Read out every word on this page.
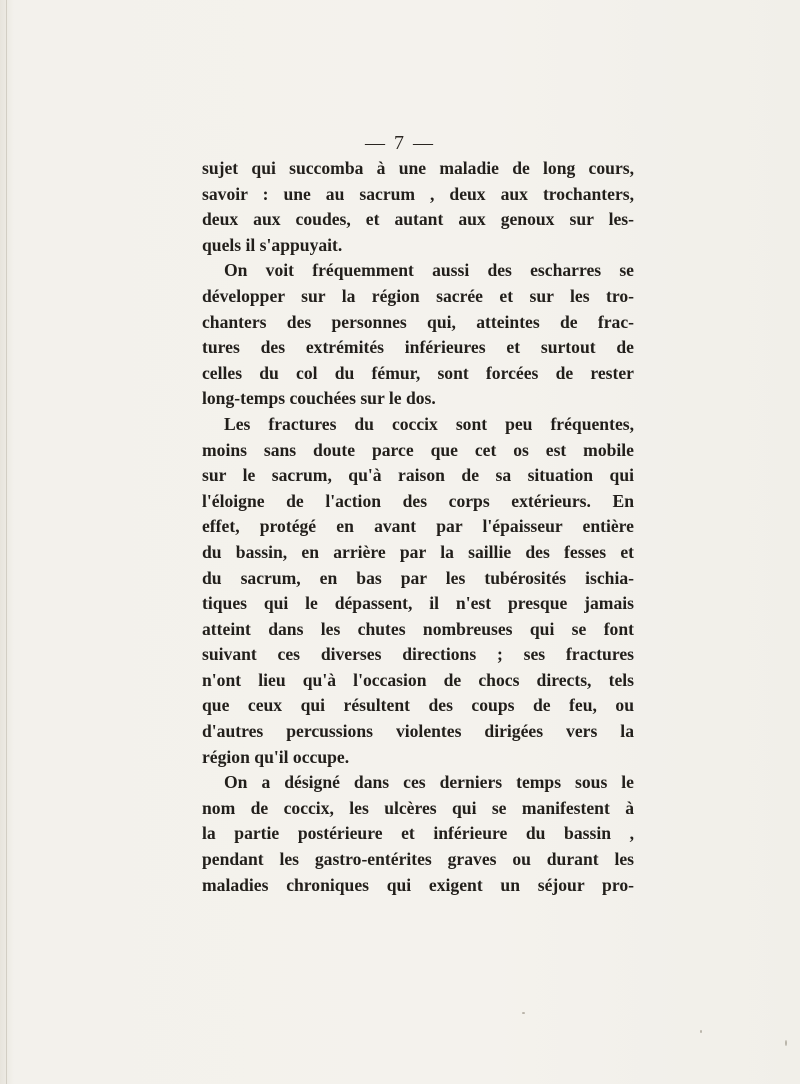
— 7 —
sujet qui succomba à une maladie de long cours,
savoir : une au sacrum , deux aux trochanters,
deux aux coudes, et autant aux genoux sur les-
quels il s'appuyait.
On voit fréquemment aussi des escharres se
développer sur la région sacrée et sur les tro-
chanters des personnes qui, atteintes de frac-
tures des extrémités inférieures et surtout de
celles du col du fémur, sont forcées de rester
long-temps couchées sur le dos.
Les fractures du coccix sont peu fréquentes,
moins sans doute parce que cet os est mobile
sur le sacrum, qu'à raison de sa situation qui
l'éloigne de l'action des corps extérieurs. En
effet, protégé en avant par l'épaisseur entière
du bassin, en arrière par la saillie des fesses et
du sacrum, en bas par les tubérosités ischia-
tiques qui le dépassent, il n'est presque jamais
atteint dans les chutes nombreuses qui se font
suivant ces diverses directions ; ses fractures
n'ont lieu qu'à l'occasion de chocs directs, tels
que ceux qui résultent des coups de feu, ou
d'autres percussions violentes dirigées vers la
région qu'il occupe.
On a désigné dans ces derniers temps sous le
nom de coccix, les ulcères qui se manifestent à
la partie postérieure et inférieure du bassin ,
pendant les gastro-entérites graves ou durant les
maladies chroniques qui exigent un séjour pro-
